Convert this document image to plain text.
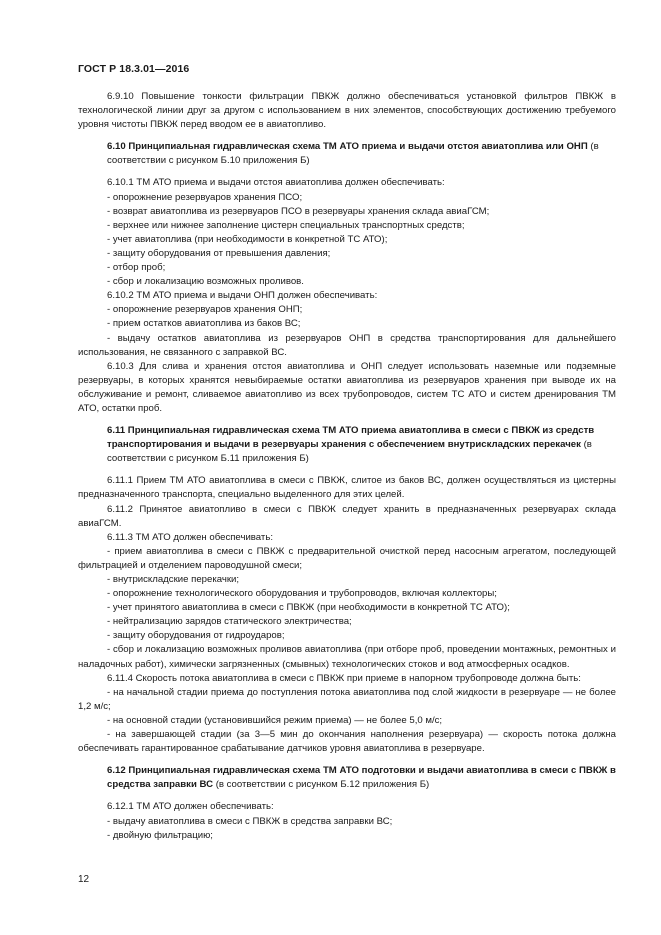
ГОСТ Р 18.3.01—2016

6.9.10 Повышение тонкости фильтрации ПВКЖ должно обеспечиваться установкой фильтров ПВКЖ в технологической линии друг за другом с использованием в них элементов, способствующих достижению требуемого уровня чистоты ПВКЖ перед вводом ее в авиатопливо.

6.10 Принципиальная гидравлическая схема ТМ АТО приема и выдачи отстоя авиатоплива или ОНП (в соответствии с рисунком Б.10 приложения Б)

6.10.1 ТМ АТО приема и выдачи отстоя авиатоплива должен обеспечивать:

- опорожнение резервуаров хранения ПСО;

- возврат авиатоплива из резервуаров ПСО в резервуары хранения склада авиаГСМ;

- верхнее или нижнее заполнение цистерн специальных транспортных средств;

- учет авиатоплива (при необходимости в конкретной ТС АТО);

- защиту оборудования от превышения давления;

- отбор проб;

- сбор и локализацию возможных проливов.

6.10.2 ТМ АТО приема и выдачи ОНП должен обеспечивать:

- опорожнение резервуаров хранения ОНП;

- прием остатков авиатоплива из баков ВС;

- выдачу остатков авиатоплива из резервуаров ОНП в средства транспортирования для дальнейшего использования, не связанного с заправкой ВС.

6.10.3 Для слива и хранения отстоя авиатоплива и ОНП следует использовать наземные или подземные резервуары, в которых хранятся невыбираемые остатки авиатоплива из резервуаров хранения при выводе их на обслуживание и ремонт, сливаемое авиатопливо из всех трубопроводов, систем ТС АТО и систем дренирования ТМ АТО, остатки проб.

6.11 Принципиальная гидравлическая схема ТМ АТО приема авиатоплива в смеси с ПВКЖ из средств транспортирования и выдачи в резервуары хранения с обеспечением внутрискладских перекачек (в соответствии с рисунком Б.11 приложения Б)

6.11.1 Прием ТМ АТО авиатоплива в смеси с ПВКЖ, слитое из баков ВС, должен осуществляться из цистерны предназначенного транспорта, специально выделенного для этих целей.

6.11.2 Принятое авиатопливо в смеси с ПВКЖ следует хранить в предназначенных резервуарах склада авиаГСМ.

6.11.3 ТМ АТО должен обеспечивать:

- прием авиатоплива в смеси с ПВКЖ с предварительной очисткой перед насосным агрегатом, последующей фильтрацией и отделением пароводушной смеси;

- внутрискладские перекачки;

- опорожнение технологического оборудования и трубопроводов, включая коллекторы;

- учет принятого авиатоплива в смеси с ПВКЖ (при необходимости в конкретной ТС АТО);

- нейтрализацию зарядов статического электричества;

- защиту оборудования от гидроударов;

- сбор и локализацию возможных проливов авиатоплива (при отборе проб, проведении монтажных, ремонтных и наладочных работ), химически загрязненных (смывных) технологических стоков и вод атмосферных осадков.

6.11.4 Скорость потока авиатоплива в смеси с ПВКЖ при приеме в напорном трубопроводе должна быть:

- на начальной стадии приема до поступления потока авиатоплива под слой жидкости в резервуаре — не более 1,2 м/с;

- на основной стадии (установившийся режим приема) — не более 5,0 м/с;

- на завершающей стадии (за 3—5 мин до окончания наполнения резервуара) — скорость потока должна обеспечивать гарантированное срабатывание датчиков уровня авиатоплива в резервуаре.

6.12 Принципиальная гидравлическая схема ТМ АТО подготовки и выдачи авиатоплива в смеси с ПВКЖ в средства заправки ВС (в соответствии с рисунком Б.12 приложения Б)

6.12.1 ТМ АТО должен обеспечивать:

- выдачу авиатоплива в смеси с ПВКЖ в средства заправки ВС;

- двойную фильтрацию;

12
